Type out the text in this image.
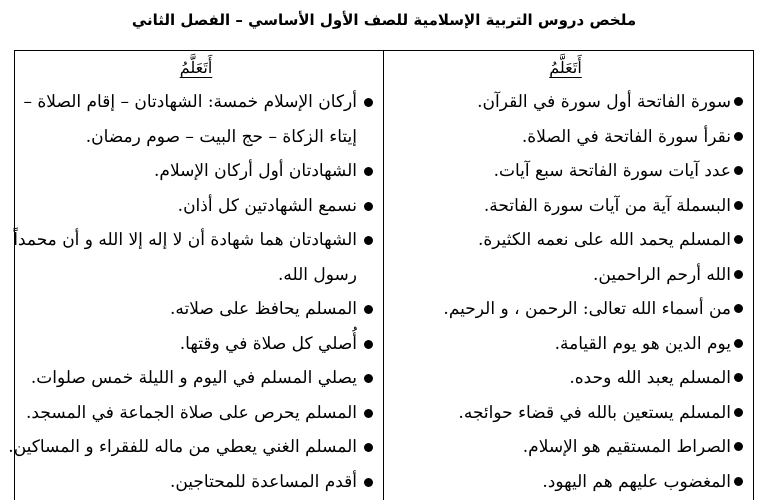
ملخص دروس التربية الإسلامية للصف الأول الأساسي – الفصل الثاني
أَتَعَلَّمُ
سورة الفاتحة أول سورة في القرآن.
نقرأ سورة الفاتحة في الصلاة.
عدد آيات سورة الفاتحة سبع آيات.
البسملة آية من آيات سورة الفاتحة.
المسلم يحمد الله على نعمه الكثيرة.
الله أرحم الراحمين.
من أسماء الله تعالى: الرحمن ، و الرحيم.
يوم الدين هو يوم القيامة.
المسلم يعبد الله وحده.
المسلم يستعين بالله في قضاء حوائجه.
الصراط المستقيم هو الإسلام.
المغضوب عليهم هم اليهود.
أَتَعَلَّمُ
أركان الإسلام خمسة: الشهادتان – إقام الصلاة –
إيتاء الزكاة – حج البيت – صوم رمضان.
الشهادتان أول أركان الإسلام.
نسمع الشهادتين كل أذان.
الشهادتان هما شهادة أن لا إله إلا الله و أن محمداً
رسول الله.
المسلم يحافظ على صلاته.
أُصلي كل صلاة في وقتها.
يصلي المسلم في اليوم و الليلة خمس صلوات.
المسلم يحرص على صلاة الجماعة في المسجد.
المسلم الغني يعطي من ماله للفقراء و المساكين.
أقدم المساعدة للمحتاجين.
